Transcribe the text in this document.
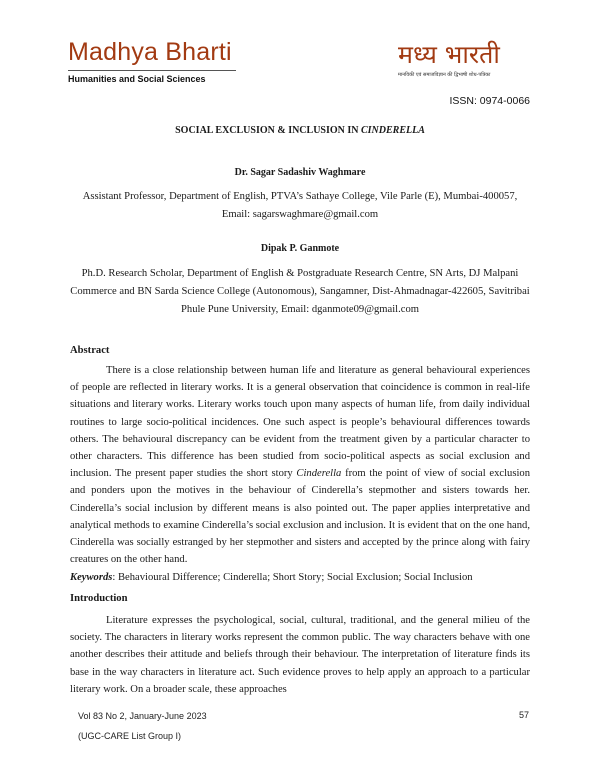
Madhya Bharti
Humanities and Social Sciences
मध्य भारती
मानविकी एवं समाजविज्ञान की द्विभाषी शोध-पत्रिका
ISSN: 0974-0066
SOCIAL EXCLUSION & INCLUSION IN CINDERELLA
Dr. Sagar Sadashiv Waghmare
Assistant Professor, Department of English, PTVA’s Sathaye College, Vile Parle (E), Mumbai-400057, Email: sagarswaghmare@gmail.com
Dipak P. Ganmote
Ph.D. Research Scholar, Department of English & Postgraduate Research Centre, SN Arts, DJ Malpani Commerce and BN Sarda Science College (Autonomous), Sangamner, Dist-Ahmadnagar-422605, Savitribai Phule Pune University, Email: dganmote09@gmail.com
Abstract

There is a close relationship between human life and literature as general behavioural experiences of people are reflected in literary works. It is a general observation that coincidence is common in real-life situations and literary works. Literary works touch upon many aspects of human life, from daily individual routines to large socio-political incidences. One such aspect is people’s behavioural differences towards others. The behavioural discrepancy can be evident from the treatment given by a particular character to other characters. This difference has been studied from socio-political aspects as social exclusion and inclusion. The present paper studies the short story Cinderella from the point of view of social exclusion and ponders upon the motives in the behaviour of Cinderella’s stepmother and sisters towards her. Cinderella’s social inclusion by different means is also pointed out. The paper applies interpretative and analytical methods to examine Cinderella’s social exclusion and inclusion. It is evident that on the one hand, Cinderella was socially estranged by her stepmother and sisters and accepted by the prince along with fairy creatures on the other hand.

Keywords: Behavioural Difference; Cinderella; Short Story; Social Exclusion; Social Inclusion
Introduction

Literature expresses the psychological, social, cultural, traditional, and the general milieu of the society. The characters in literary works represent the common public. The way characters behave with one another describes their attitude and beliefs through their behaviour. The interpretation of literature finds its base in the way characters in literature act. Such evidence proves to help apply an approach to a particular literary work. On a broader scale, these approaches

Vol 83 No 2, January-June 2023	57
(UGC-CARE List Group I)
